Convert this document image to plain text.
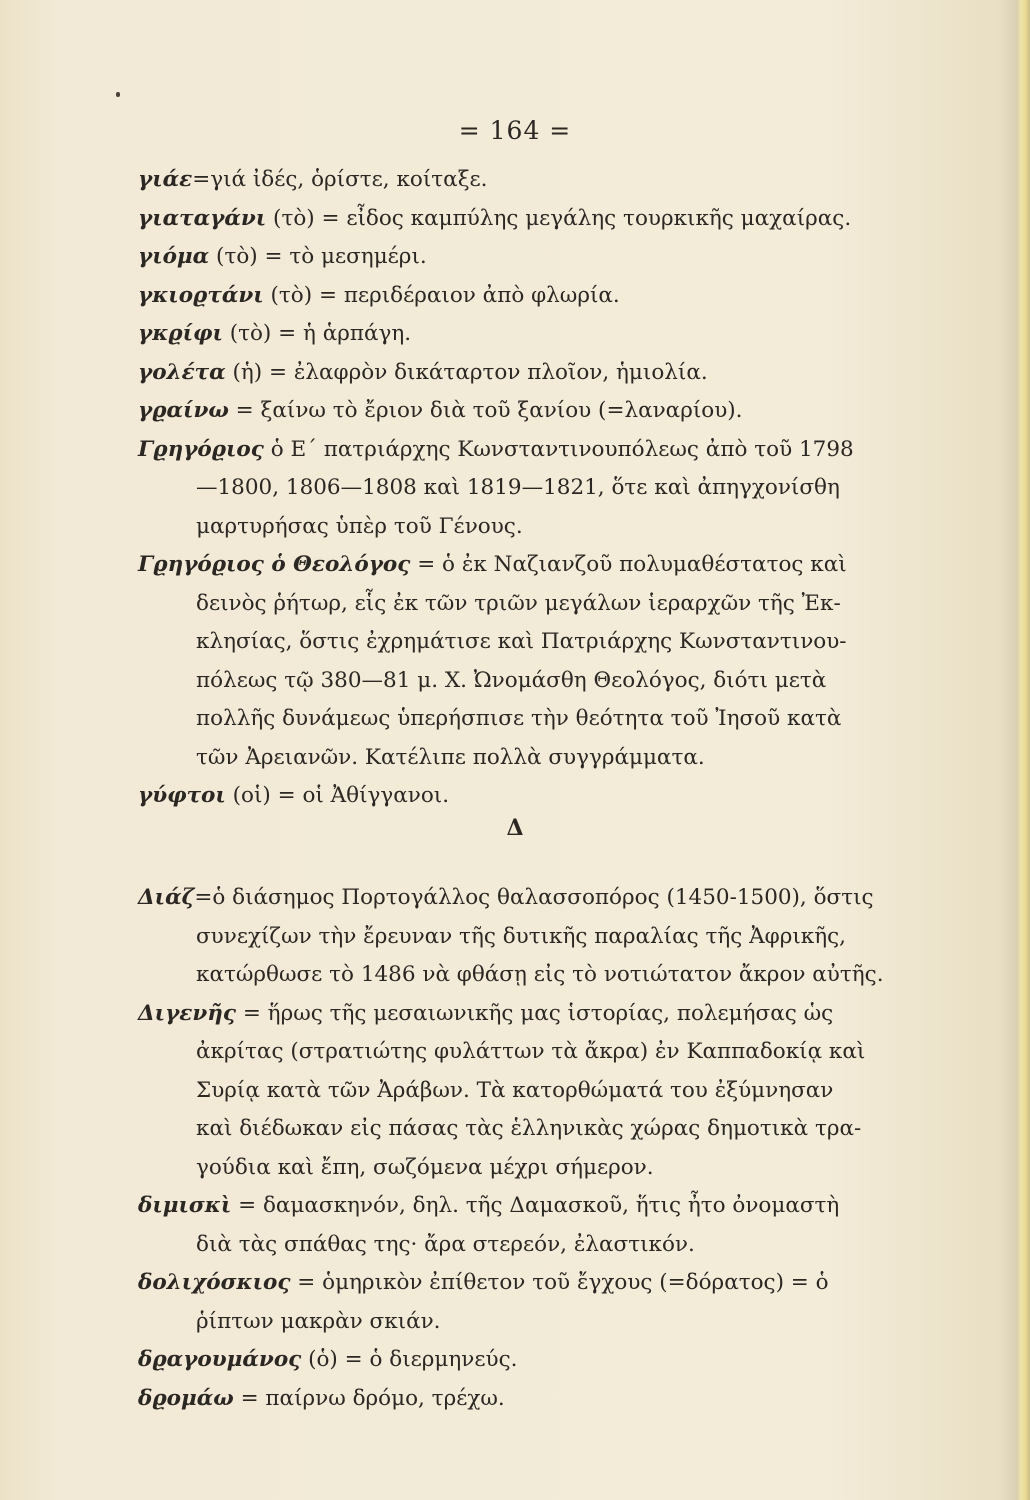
= 164 =
γιάε=γιά ἰδές, ὁρίστε, κοίταξε.
γιαταγάνι (τὸ) = εἶδος καμπύλης μεγάλης τουρκικῆς μαχαίρας.
γιόμα (τὸ) = τὸ μεσημέρι.
γκιοϱτάνι (τὸ) = περιδέραιον ἀπὸ φλωρία.
γκϱίφι (τὸ) = ἡ ἁρπάγη.
γολέτα (ἡ) = ἐλαφρὸν δικάταρτον πλοῖον, ἡμιολία.
γϱαίνω = ξαίνω τὸ ἔριον διὰ τοῦ ξανίου (=λαναρίου).
Γϱηγόϱιος ὁ Ε΄ πατριάρχης Κωνσταντινουπόλεως ἀπὸ τοῦ 1798
—1800, 1806—1808 καὶ 1819—1821, ὅτε καὶ ἀπηγχονίσθη
μαρτυρήσας ὑπὲρ τοῦ Γένους.
Γϱηγόϱιος ὁ Θεολόγος = ὁ ἐκ Ναζιανζοῦ πολυμαθέστατος καὶ
δεινὸς ῥήτωρ, εἷς ἐκ τῶν τριῶν μεγάλων ἱεραρχῶν τῆς Ἐκ-
κλησίας, ὅστις ἐχρημάτισε καὶ Πατριάρχης Κωνσταντινου-
πόλεως τῷ 380—81 μ. Χ. Ὠνομάσθη Θεολόγος, διότι μετὰ
πολλῆς δυνάμεως ὑπερήσπισε τὴν θεότητα τοῦ Ἰησοῦ κατὰ
τῶν Ἀρειανῶν. Κατέλιπε πολλὰ συγγράμματα.
γύφτοι (οἱ) = οἱ Ἀθίγγανοι.
Δ
Διάζ=ὁ διάσημος Πορτογάλλος θαλασσοπόρος (1450-1500), ὅστις
συνεχίζων τὴν ἔρευναν τῆς δυτικῆς παραλίας τῆς Ἀφρικῆς,
κατώρθωσε τὸ 1486 νὰ φθάσῃ εἰς τὸ νοτιώτατον ἄκρον αὐτῆς.
Διγενῆς = ἥρως τῆς μεσαιωνικῆς μας ἱστορίας, πολεμήσας ὡς
ἀκρίτας (στρατιώτης φυλάττων τὰ ἄκρα) ἐν Καππαδοκίᾳ καὶ
Συρίᾳ κατὰ τῶν Ἀράβων. Τὰ κατορθώματά του ἐξύμνησαν
καὶ διέδωκαν εἰς πάσας τὰς ἑλληνικὰς χώρας δημοτικὰ τρα-
γούδια καὶ ἔπη, σωζόμενα μέχρι σήμερον.
διμισκὶ = δαμασκηνόν, δηλ. τῆς Δαμασκοῦ, ἥτις ἦτο ὀνομαστὴ
διὰ τὰς σπάθας της· ἄρα στερεόν, ἐλαστικόν.
δολιχόσκιος = ὁμηρικὸν ἐπίθετον τοῦ ἔγχους (=δόρατος) = ὁ
ῥίπτων μακρὰν σκιάν.
δϱαγουμάνος (ὁ) = ὁ διερμηνεύς.
δϱομάω = παίρνω δρόμο, τρέχω.
